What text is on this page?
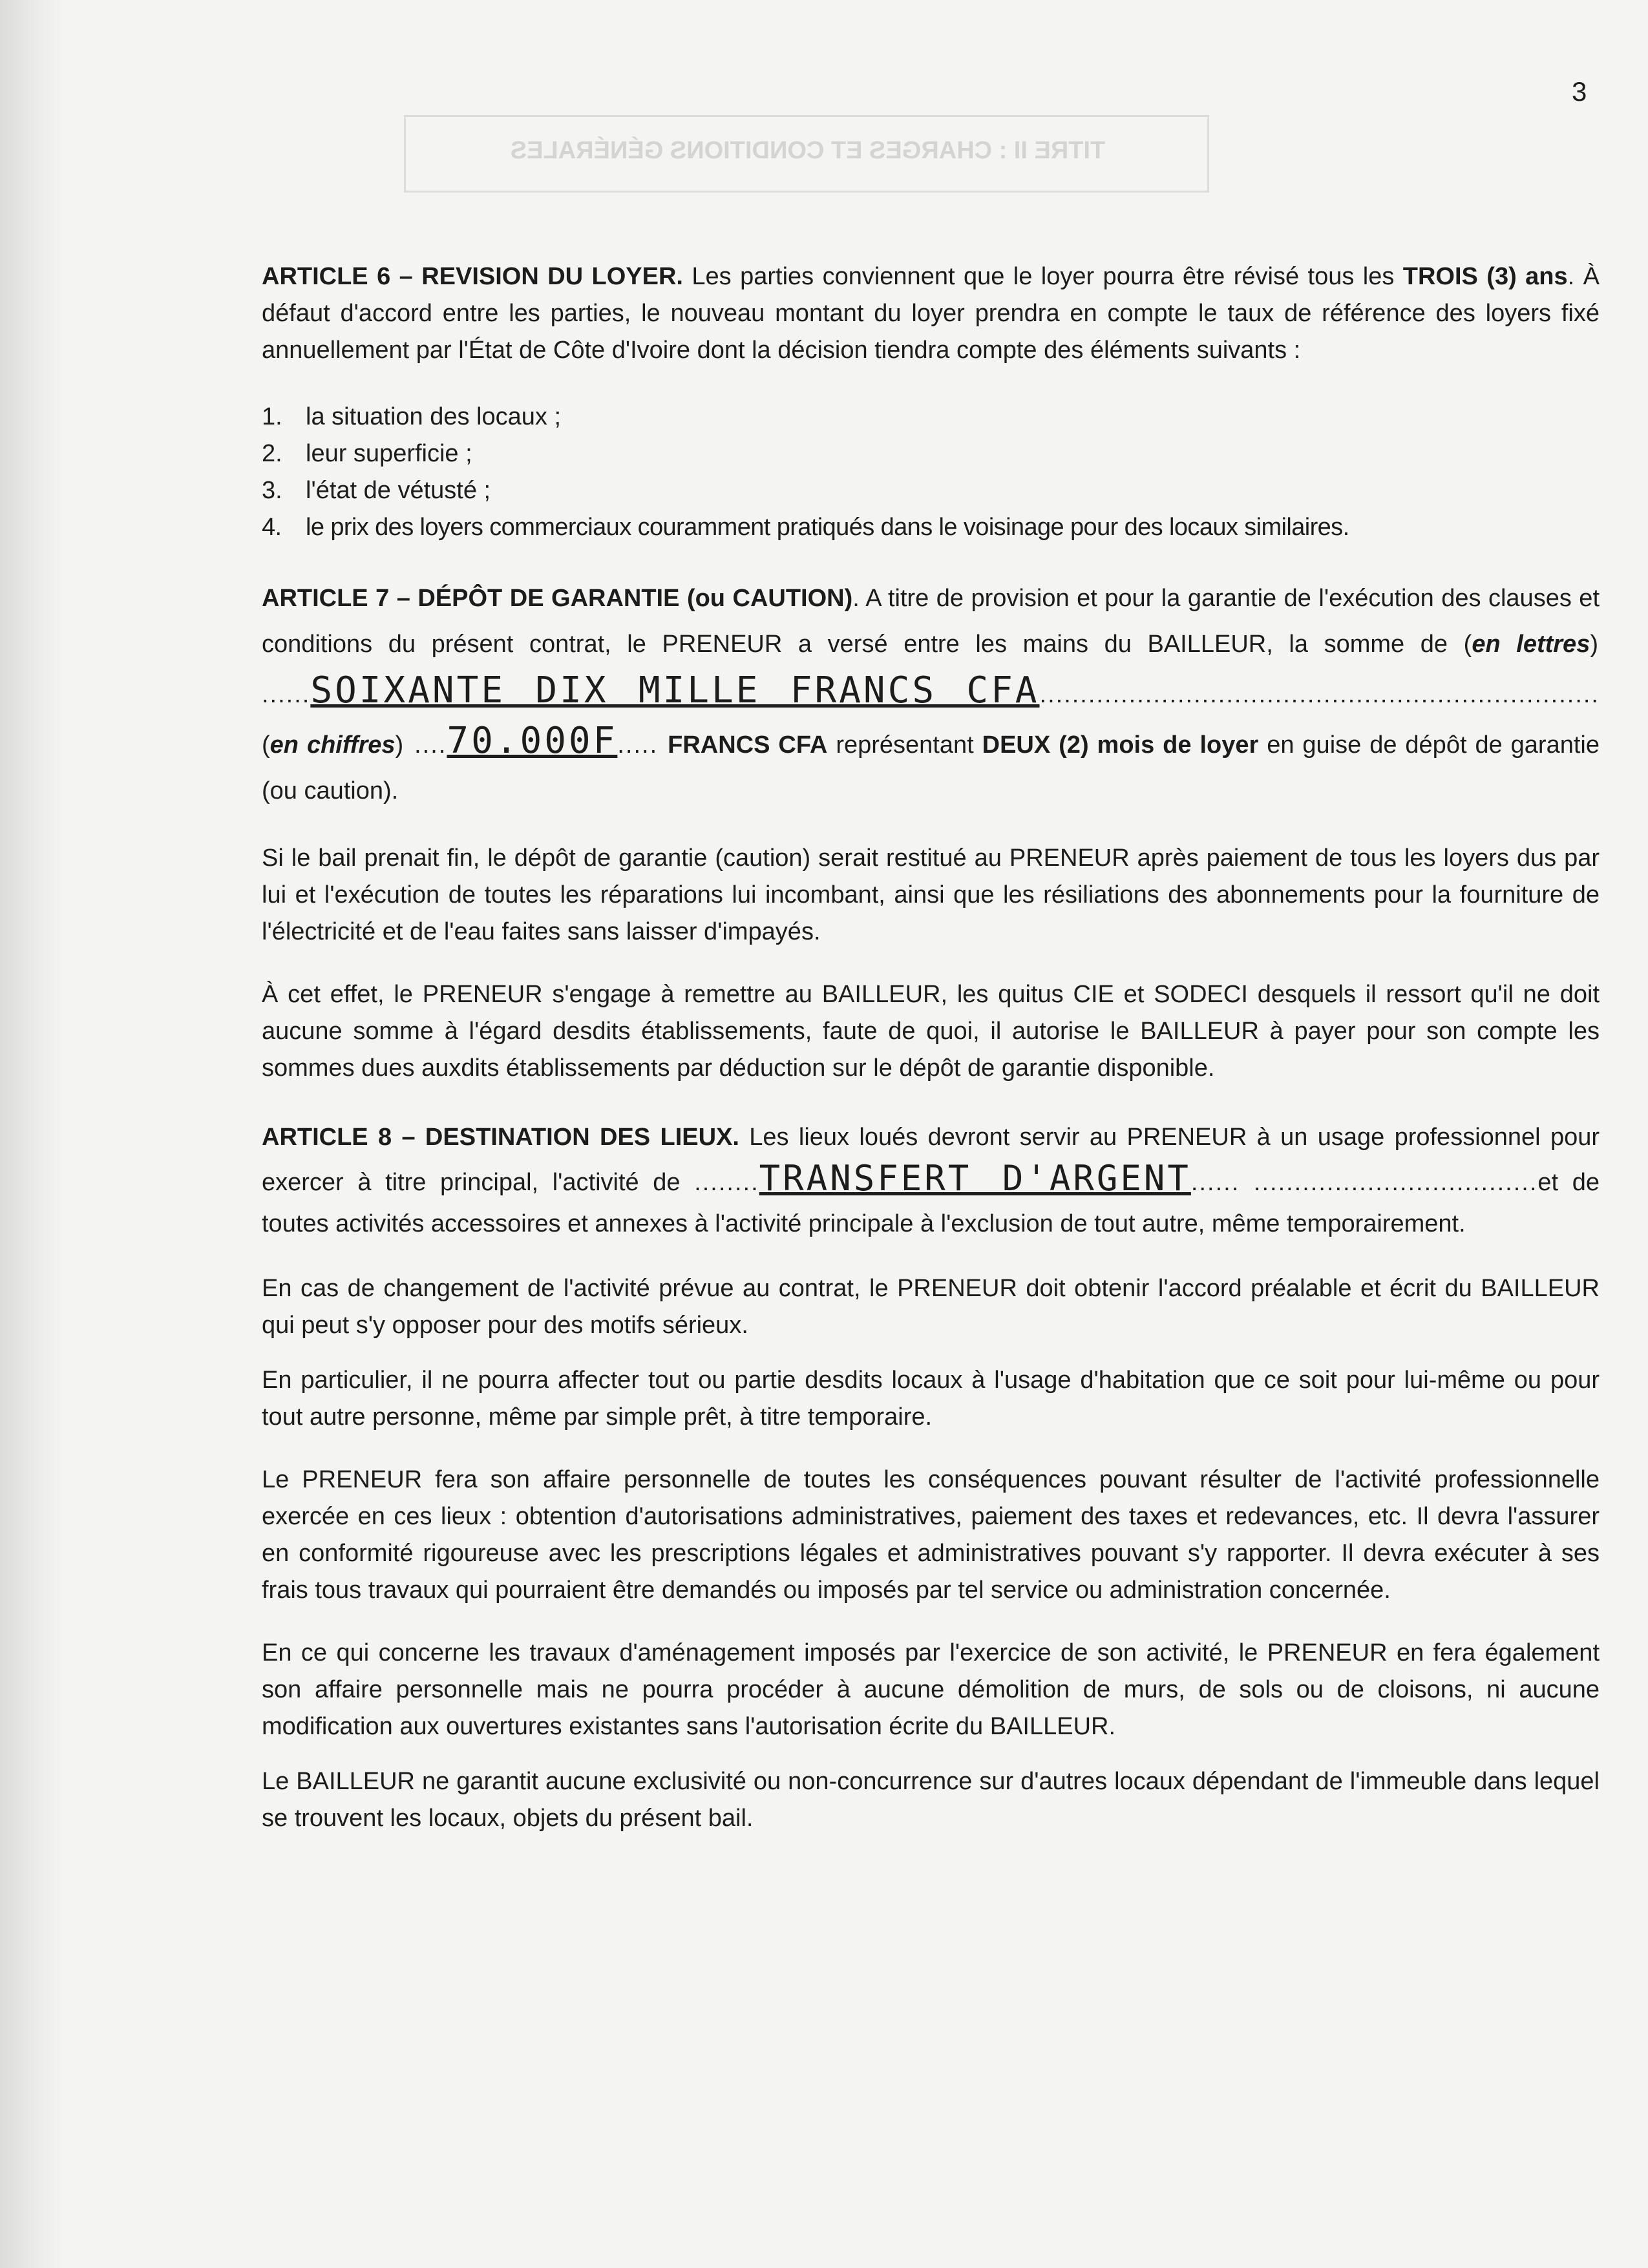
3
TITRE II : CHARGES ET CONDITIONS GÉNÉRALES

ARTICLE 6 – REVISION DU LOYER. Les parties conviennent que le loyer pourra être révisé tous les TROIS (3) ans. À défaut d'accord entre les parties, le nouveau montant du loyer prendra en compte le taux de référence des loyers fixé annuellement par l'État de Côte d'Ivoire dont la décision tiendra compte des éléments suivants :

1. la situation des locaux ;
2. leur superficie ;
3. l'état de vétusté ;
4. le prix des loyers commerciaux couramment pratiqués dans le voisinage pour des locaux similaires.

ARTICLE 7 – DÉPÔT DE GARANTIE (ou CAUTION). A titre de provision et pour la garantie de l'exécution des clauses et conditions du présent contrat, le PRENEUR a versé entre les mains du BAILLEUR, la somme de (en lettres) ......SOIXANTE DIX MILLE FRANCS CFA..................................................................... (en chiffres) ....70.000F..... FRANCS CFA représentant DEUX (2) mois de loyer en guise de dépôt de garantie (ou caution).

Si le bail prenait fin, le dépôt de garantie (caution) serait restitué au PRENEUR après paiement de tous les loyers dus par lui et l'exécution de toutes les réparations lui incombant, ainsi que les résiliations des abonnements pour la fourniture de l'électricité et de l'eau faites sans laisser d'impayés.

À cet effet, le PRENEUR s'engage à remettre au BAILLEUR, les quitus CIE et SODECI desquels il ressort qu'il ne doit aucune somme à l'égard desdits établissements, faute de quoi, il autorise le BAILLEUR à payer pour son compte les sommes dues auxdits établissements par déduction sur le dépôt de garantie disponible.

ARTICLE 8 – DESTINATION DES LIEUX. Les lieux loués devront servir au PRENEUR à un usage professionnel pour exercer à titre principal, l'activité de ........TRANSFERT D'ARGENT...... ...................................et de toutes activités accessoires et annexes à l'activité principale à l'exclusion de tout autre, même temporairement.

En cas de changement de l'activité prévue au contrat, le PRENEUR doit obtenir l'accord préalable et écrit du BAILLEUR qui peut s'y opposer pour des motifs sérieux.

En particulier, il ne pourra affecter tout ou partie desdits locaux à l'usage d'habitation que ce soit pour lui-même ou pour tout autre personne, même par simple prêt, à titre temporaire.

Le PRENEUR fera son affaire personnelle de toutes les conséquences pouvant résulter de l'activité professionnelle exercée en ces lieux : obtention d'autorisations administratives, paiement des taxes et redevances, etc. Il devra l'assurer en conformité rigoureuse avec les prescriptions légales et administratives pouvant s'y rapporter. Il devra exécuter à ses frais tous travaux qui pourraient être demandés ou imposés par tel service ou administration concernée.

En ce qui concerne les travaux d'aménagement imposés par l'exercice de son activité, le PRENEUR en fera également son affaire personnelle mais ne pourra procéder à aucune démolition de murs, de sols ou de cloisons, ni aucune modification aux ouvertures existantes sans l'autorisation écrite du BAILLEUR.

Le BAILLEUR ne garantit aucune exclusivité ou non-concurrence sur d'autres locaux dépendant de l'immeuble dans lequel se trouvent les locaux, objets du présent bail.
